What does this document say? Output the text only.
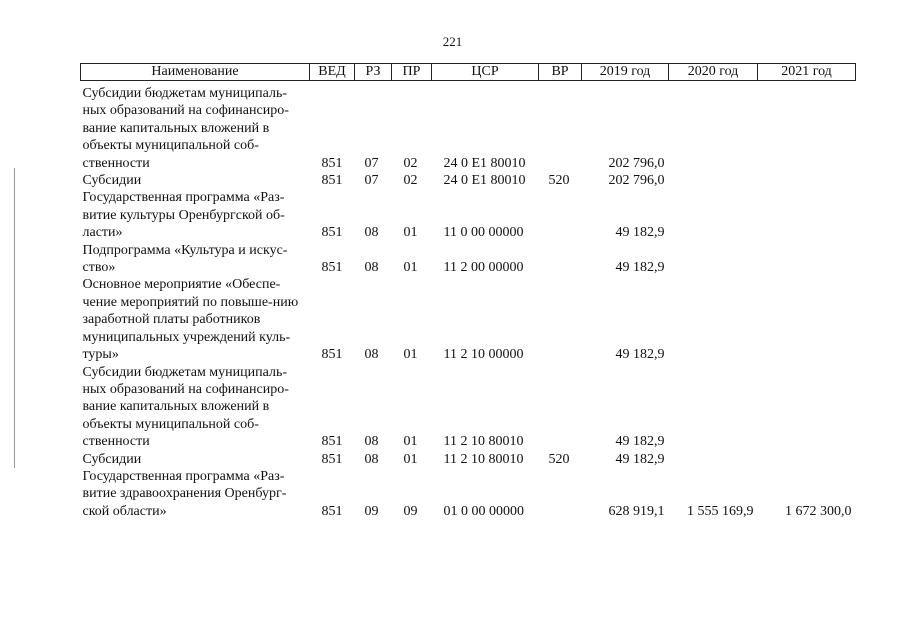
221
Наименование	ВЕД	РЗ	ПР	ЦСР	ВР	2019 год	2020 год	2021 год

Субсидии бюджетам муниципаль-ных образований на софинансиро-вание капитальных вложений в объекты муниципальной соб-ственности	851	07	02	24 0 E1 80010		202 796,0		
Субсидии	851	07	02	24 0 E1 80010	520	202 796,0		
Государственная программа «Раз-витие культуры Оренбургской об-ласти»	851	08	01	11 0 00 00000		49 182,9		
Подпрограмма «Культура и искус-ство»	851	08	01	11 2 00 00000		49 182,9		
Основное мероприятие «Обеспе-чение мероприятий по повыше-нию заработной платы работников муниципальных учреждений куль-туры»	851	08	01	11 2 10 00000		49 182,9		
Субсидии бюджетам муниципаль-ных образований на софинансиро-вание капитальных вложений в объекты муниципальной соб-ственности	851	08	01	11 2 10 80010		49 182,9		
Субсидии	851	08	01	11 2 10 80010	520	49 182,9		
Государственная программа «Раз-витие здравоохранения Оренбург-ской области»	851	09	09	01 0 00 00000		628 919,1	1 555 169,9	1 672 300,0
